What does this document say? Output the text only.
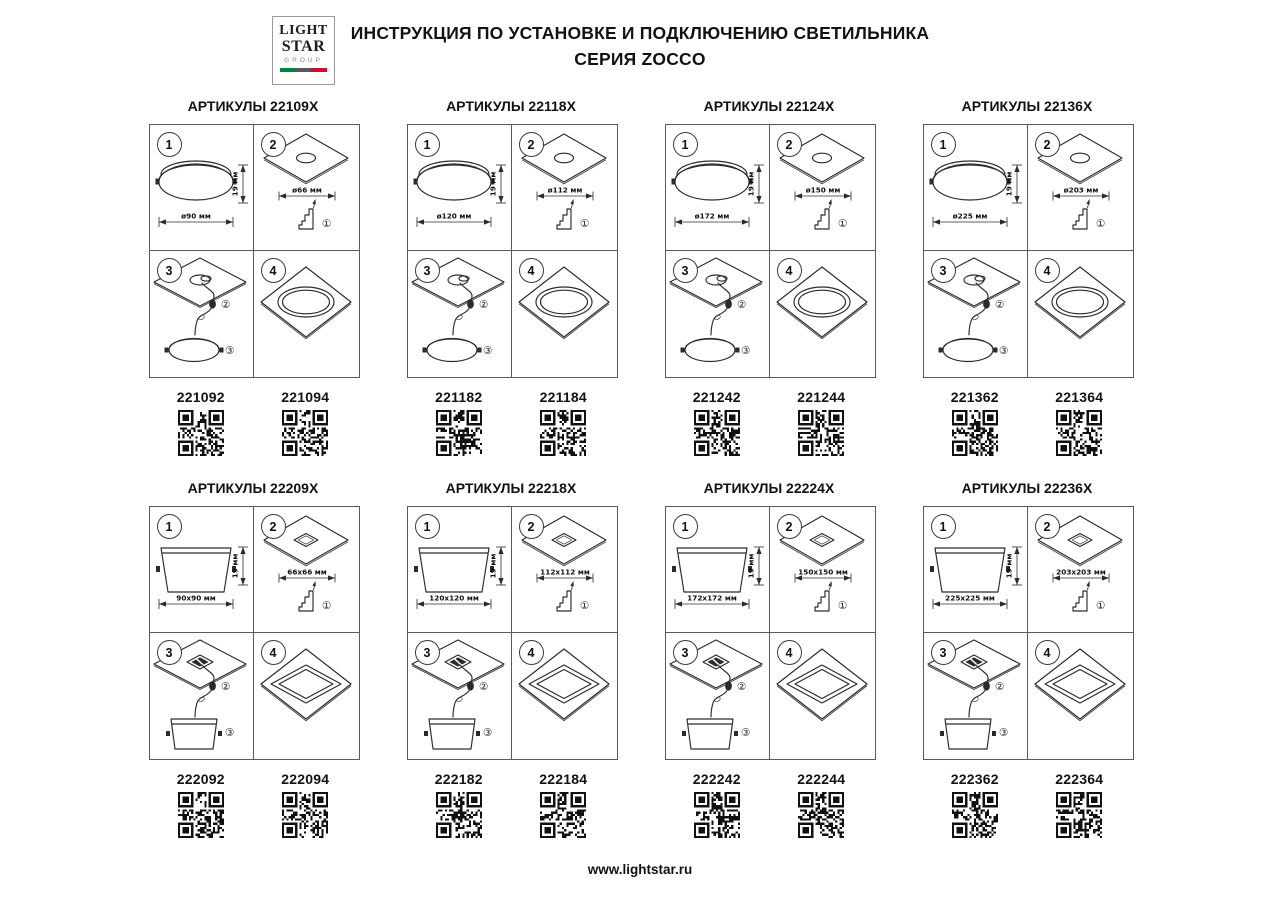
LIGHT
STAR
GROUP
ИНСТРУКЦИЯ ПО УСТАНОВКЕ И ПОДКЛЮЧЕНИЮ СВЕТИЛЬНИКА
СЕРИЯ ZOCCO
АРТИКУЛЫ 22109X
1
ø90 мм
19 мм
2
ø66 мм
①
3
②
③
4
221092	221094
АРТИКУЛЫ 22118X
1
ø120 мм
19 мм
2
ø112 мм
①
3
②
③
4
221182	221184
АРТИКУЛЫ 22124X
1
ø172 мм
19 мм
2
ø150 мм
①
3
②
③
4
221242	221244
АРТИКУЛЫ 22136X
1
ø225 мм
19 мм
2
ø203 мм
①
3
②
③
4
221362	221364
АРТИКУЛЫ 22209X
1
90x90 мм
19 мм
2
66x66 мм
①
3
②
③
4
222092	222094
АРТИКУЛЫ 22218X
1
120x120 мм
19 мм
2
112x112 мм
①
3
②
③
4
222182	222184
АРТИКУЛЫ 22224X
1
172x172 мм
19 мм
2
150x150 мм
①
3
②
③
4
222242	222244
АРТИКУЛЫ 22236X
1
225x225 мм
19 мм
2
203x203 мм
①
3
②
③
4
222362	222364
www.lightstar.ru
